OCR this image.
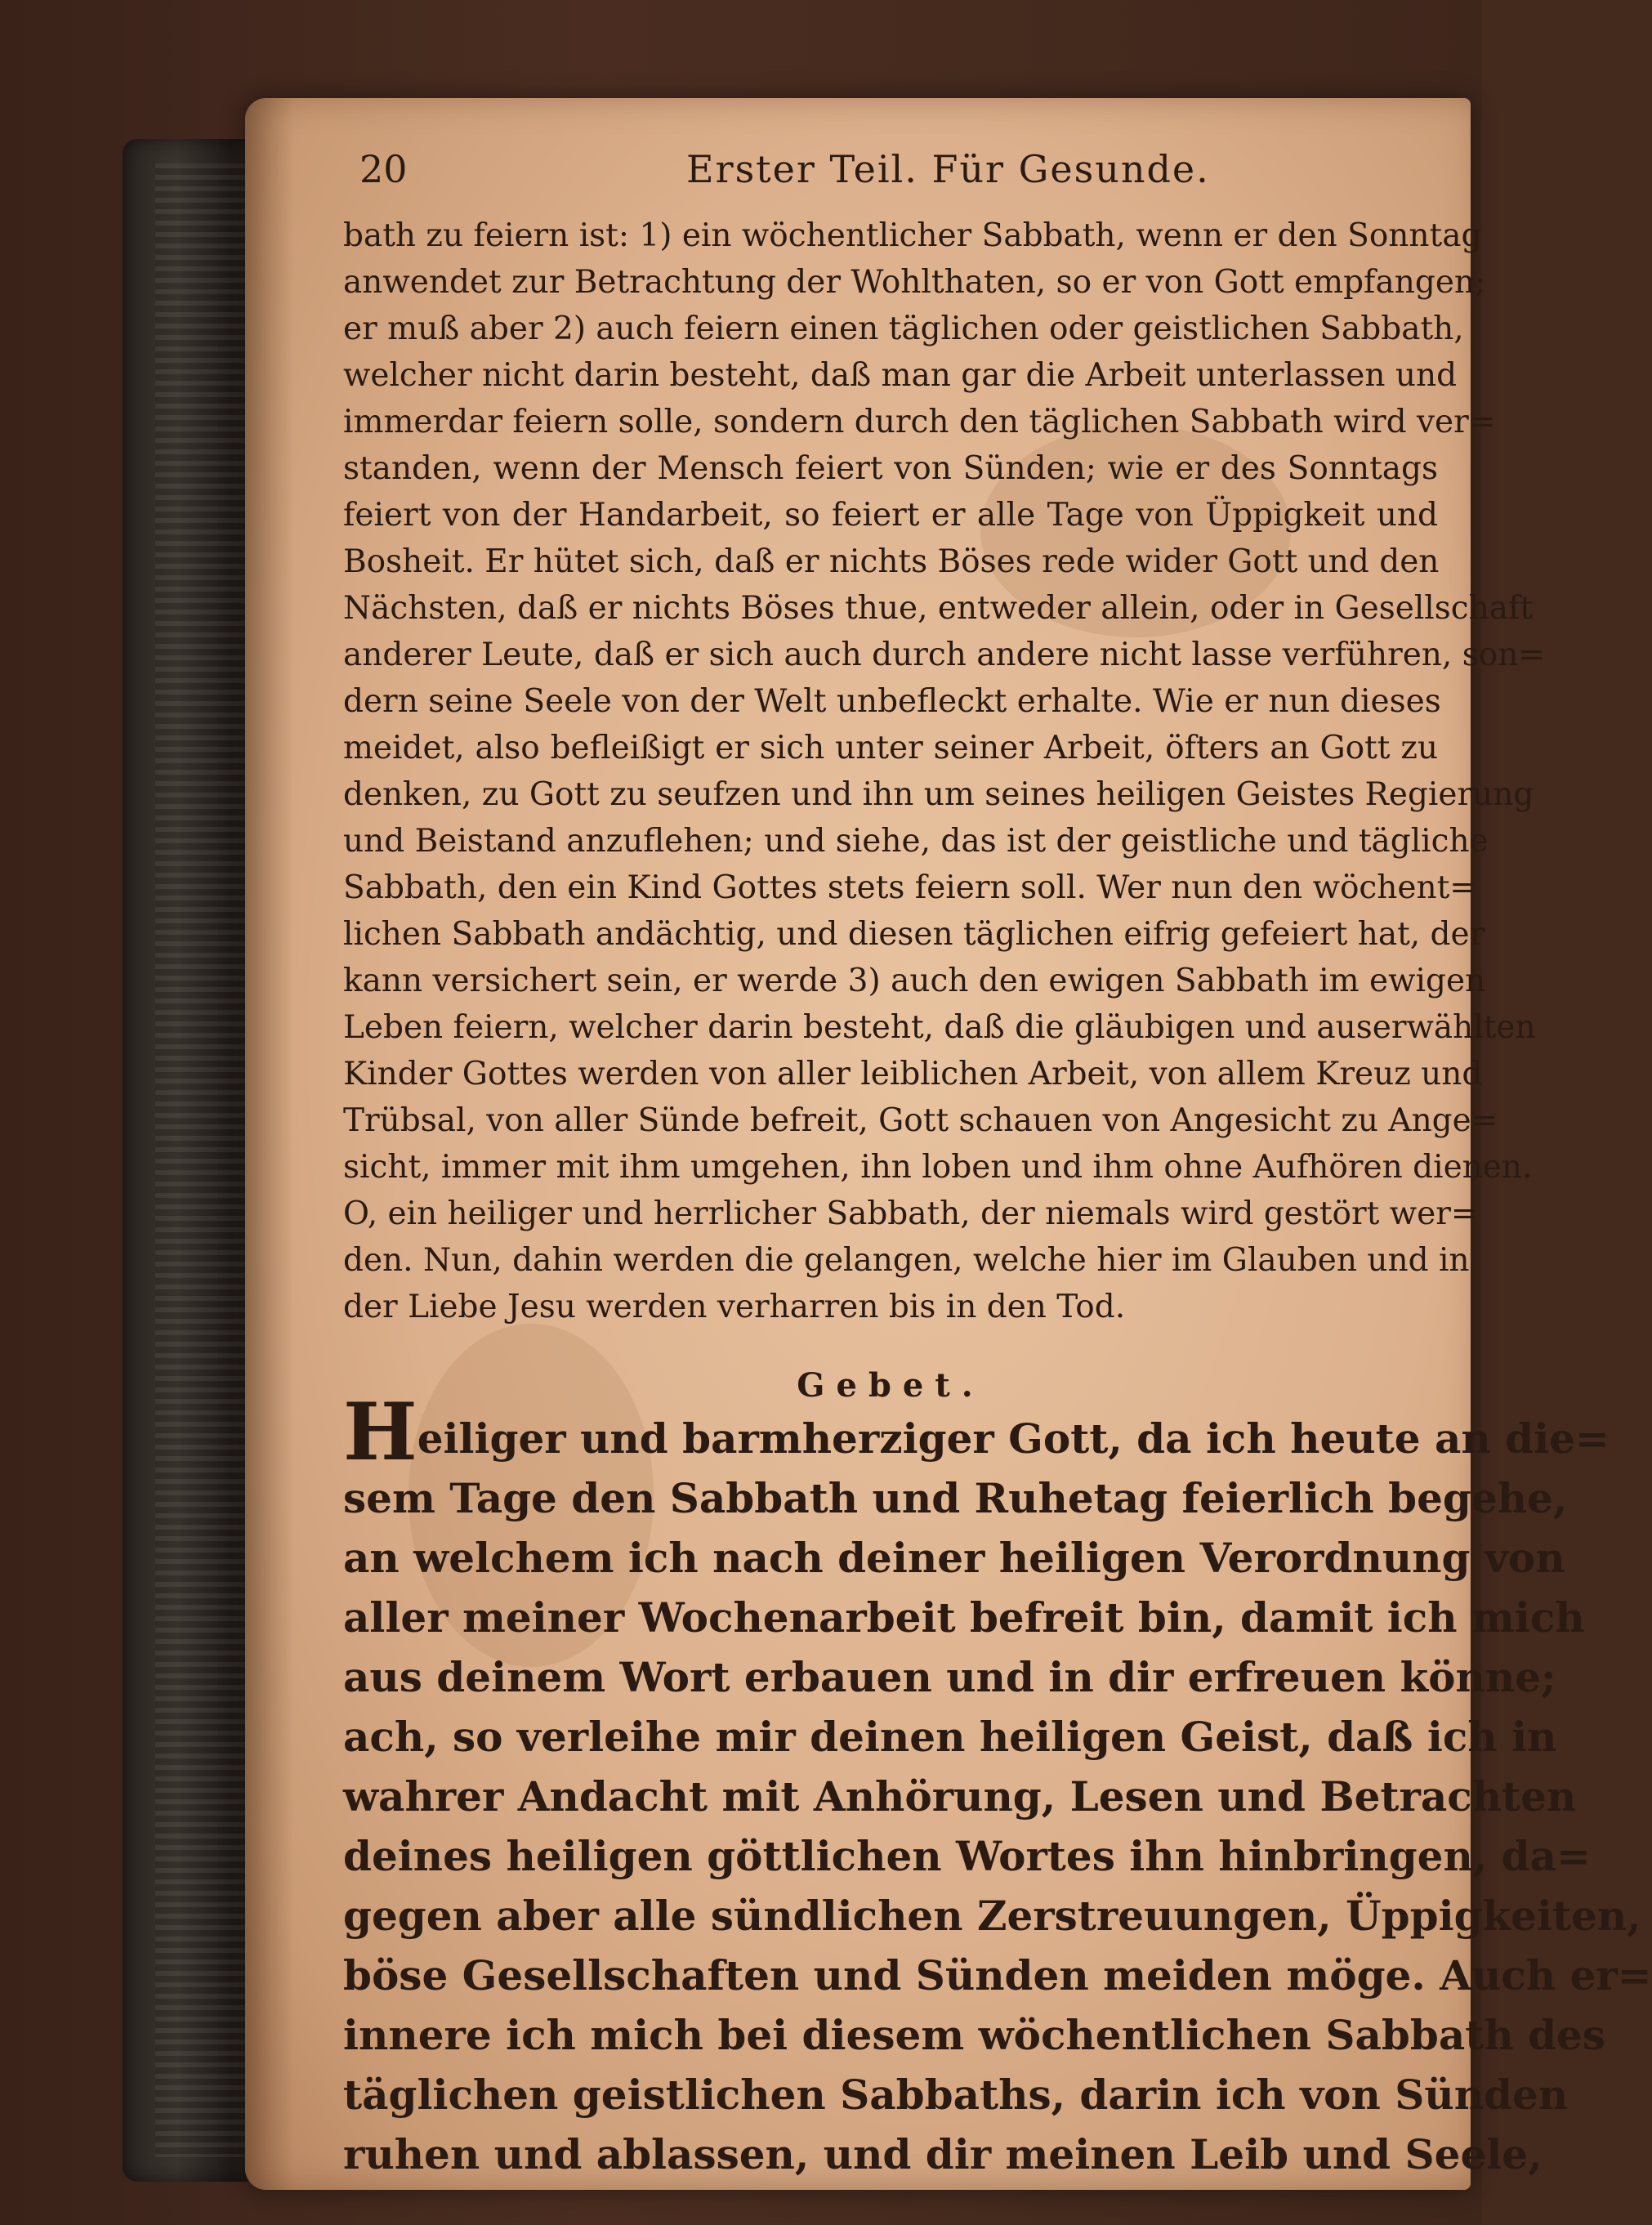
20	Erster Teil. Für Gesunde.
bath zu feiern ist: 1) ein wöchentlicher Sabbath, wenn er den Sonntag
anwendet zur Betrachtung der Wohlthaten, so er von Gott empfangen;
er muß aber 2) auch feiern einen täglichen oder geistlichen Sabbath,
welcher nicht darin besteht, daß man gar die Arbeit unterlassen und
immerdar feiern solle, sondern durch den täglichen Sabbath wird ver=
standen, wenn der Mensch feiert von Sünden; wie er des Sonntags
feiert von der Handarbeit, so feiert er alle Tage von Üppigkeit und
Bosheit. Er hütet sich, daß er nichts Böses rede wider Gott und den
Nächsten, daß er nichts Böses thue, entweder allein, oder in Gesellschaft
anderer Leute, daß er sich auch durch andere nicht lasse verführen, son=
dern seine Seele von der Welt unbefleckt erhalte. Wie er nun dieses
meidet, also befleißigt er sich unter seiner Arbeit, öfters an Gott zu
denken, zu Gott zu seufzen und ihn um seines heiligen Geistes Regierung
und Beistand anzuflehen; und siehe, das ist der geistliche und tägliche
Sabbath, den ein Kind Gottes stets feiern soll. Wer nun den wöchent=
lichen Sabbath andächtig, und diesen täglichen eifrig gefeiert hat, der
kann versichert sein, er werde 3) auch den ewigen Sabbath im ewigen
Leben feiern, welcher darin besteht, daß die gläubigen und auserwählten
Kinder Gottes werden von aller leiblichen Arbeit, von allem Kreuz und
Trübsal, von aller Sünde befreit, Gott schauen von Angesicht zu Ange=
sicht, immer mit ihm umgehen, ihn loben und ihm ohne Aufhören dienen.
O, ein heiliger und herrlicher Sabbath, der niemals wird gestört wer=
den. Nun, dahin werden die gelangen, welche hier im Glauben und in
der Liebe Jesu werden verharren bis in den Tod.
Gebet.
Heiliger und barmherziger Gott, da ich heute an die=
sem Tage den Sabbath und Ruhetag feierlich begehe,
an welchem ich nach deiner heiligen Verordnung von
aller meiner Wochenarbeit befreit bin, damit ich mich
aus deinem Wort erbauen und in dir erfreuen könne;
ach, so verleihe mir deinen heiligen Geist, daß ich in
wahrer Andacht mit Anhörung, Lesen und Betrachten
deines heiligen göttlichen Wortes ihn hinbringen, da=
gegen aber alle sündlichen Zerstreuungen, Üppigkeiten,
böse Gesellschaften und Sünden meiden möge. Auch er=
innere ich mich bei diesem wöchentlichen Sabbath des
täglichen geistlichen Sabbaths, darin ich von Sünden
ruhen und ablassen, und dir meinen Leib und Seele,
